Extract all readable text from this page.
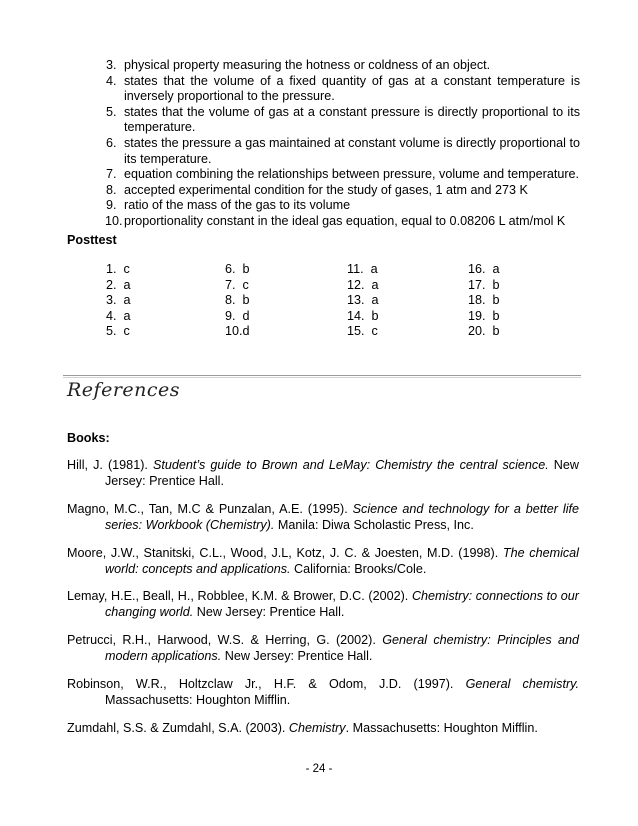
3. physical property measuring the hotness or coldness of an object.
4. states that the volume of a fixed quantity of gas at a constant temperature is inversely proportional to the pressure.
5. states that the volume of gas at a constant pressure is directly proportional to its temperature.
6. states the pressure a gas maintained at constant volume is directly proportional to its temperature.
7. equation combining the relationships between pressure, volume and temperature.
8. accepted experimental condition for the study of gases, 1 atm and 273 K
9. ratio of the mass of the gas to its volume
10. proportionality constant in the ideal gas equation, equal to 0.08206 L atm/mol K
Posttest
1.  c
2.  a
3.  a
4.  a
5.  c
6.  b
7.  c
8.  b
9.  d
10.d
11.  a
12.  a
13.  a
14.  b
15.  c
16.  a
17.  b
18.  b
19.  b
20.  b
References
Books:
Hill, J. (1981). Student’s guide to Brown and LeMay: Chemistry the central science. New Jersey: Prentice Hall.
Magno, M.C., Tan, M.C & Punzalan, A.E. (1995). Science and technology for a better life series: Workbook (Chemistry). Manila: Diwa Scholastic Press, Inc.
Moore, J.W., Stanitski, C.L., Wood, J.L, Kotz, J. C. & Joesten, M.D. (1998). The chemical world: concepts and applications. California: Brooks/Cole.
Lemay, H.E., Beall, H., Robblee, K.M. & Brower, D.C. (2002). Chemistry: connections to our changing world. New Jersey: Prentice Hall.
Petrucci, R.H., Harwood, W.S. & Herring, G. (2002). General chemistry: Principles and modern applications. New Jersey: Prentice Hall.
Robinson, W.R., Holtzclaw Jr., H.F. & Odom, J.D. (1997). General chemistry. Massachusetts: Houghton Mifflin.
Zumdahl, S.S. & Zumdahl, S.A. (2003). Chemistry. Massachusetts: Houghton Mifflin.
- 24 -
